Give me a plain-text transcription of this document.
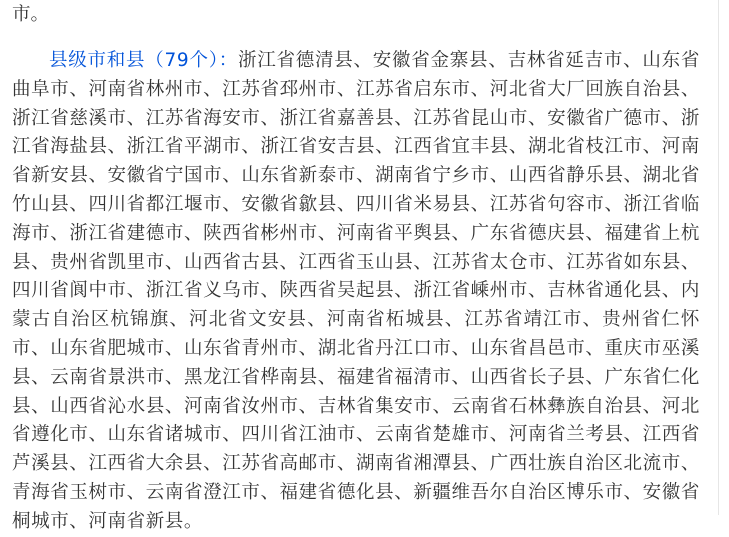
市。

县级市和县（79个）：浙江省德清县、安徽省金寨县、吉林省延吉市、山东省曲阜市、河南省林州市、江苏省邳州市、江苏省启东市、河北省大厂回族自治县、浙江省慈溪市、江苏省海安市、浙江省嘉善县、江苏省昆山市、安徽省广德市、浙江省海盐县、浙江省平湖市、浙江省安吉县、江西省宜丰县、湖北省枝江市、河南省新安县、安徽省宁国市、山东省新泰市、湖南省宁乡市、山西省静乐县、湖北省竹山县、四川省都江堰市、安徽省歙县、四川省米易县、江苏省句容市、浙江省临海市、浙江省建德市、陕西省彬州市、河南省平舆县、广东省德庆县、福建省上杭县、贵州省凯里市、山西省古县、江西省玉山县、江苏省太仓市、江苏省如东县、四川省阆中市、浙江省义乌市、陕西省吴起县、浙江省嵊州市、吉林省通化县、内蒙古自治区杭锦旗、河北省文安县、河南省柘城县、江苏省靖江市、贵州省仁怀市、山东省肥城市、山东省青州市、湖北省丹江口市、山东省昌邑市、重庆市巫溪县、云南省景洪市、黑龙江省桦南县、福建省福清市、山西省长子县、广东省仁化县、山西省沁水县、河南省汝州市、吉林省集安市、云南省石林彝族自治县、河北省遵化市、山东省诸城市、四川省江油市、云南省楚雄市、河南省兰考县、江西省芦溪县、江西省大余县、江苏省高邮市、湖南省湘潭县、广西壮族自治区北流市、青海省玉树市、云南省澄江市、福建省德化县、新疆维吾尔自治区博乐市、安徽省桐城市、河南省新县。
